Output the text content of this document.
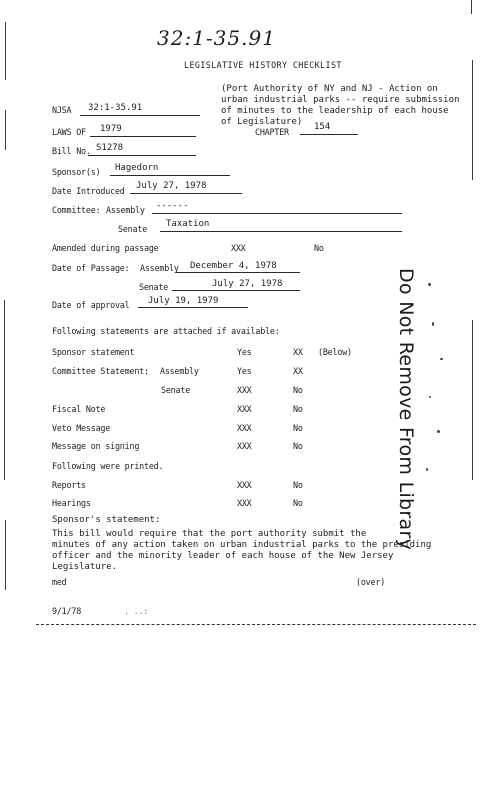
32:1-35.91
LEGISLATIVE HISTORY CHECKLIST
(Port Authority of NY and NJ - Action on
urban industrial parks -- require submission
of minutes to the leadership of each house
of Legislature)
NJSA 32:1-35.91
LAWS OF 1979	CHAPTER	154
Bill No. S1278
Sponsor(s) Hagedorn
Date Introduced July 27, 1978
Committee: Assembly ------
Senate Taxation
Amended during passage	XXX	No
Date of Passage: Assembly December 4, 1978
Senate	July 27, 1978
Date of approval July 19, 1979
Following statements are attached if available:
Sponsor statement	Yes	XX (Below)
Committee Statement: Assembly	Yes	XX
Senate	XXX	No
Fiscal Note	XXX	No
Veto Message	XXX	No
Message on signing	XXX	No
Following were printed.
Reports	XXX	No
Hearings	XXX	No
Sponsor's statement:
This bill would require that the port authority submit the
minutes of any action taken on urban industrial parks to the presiding
officer and the minority leader of each house of the New Jersey
Legislature.
med	(over)
9/1/78	. ..:
Do Not Remove From Library
